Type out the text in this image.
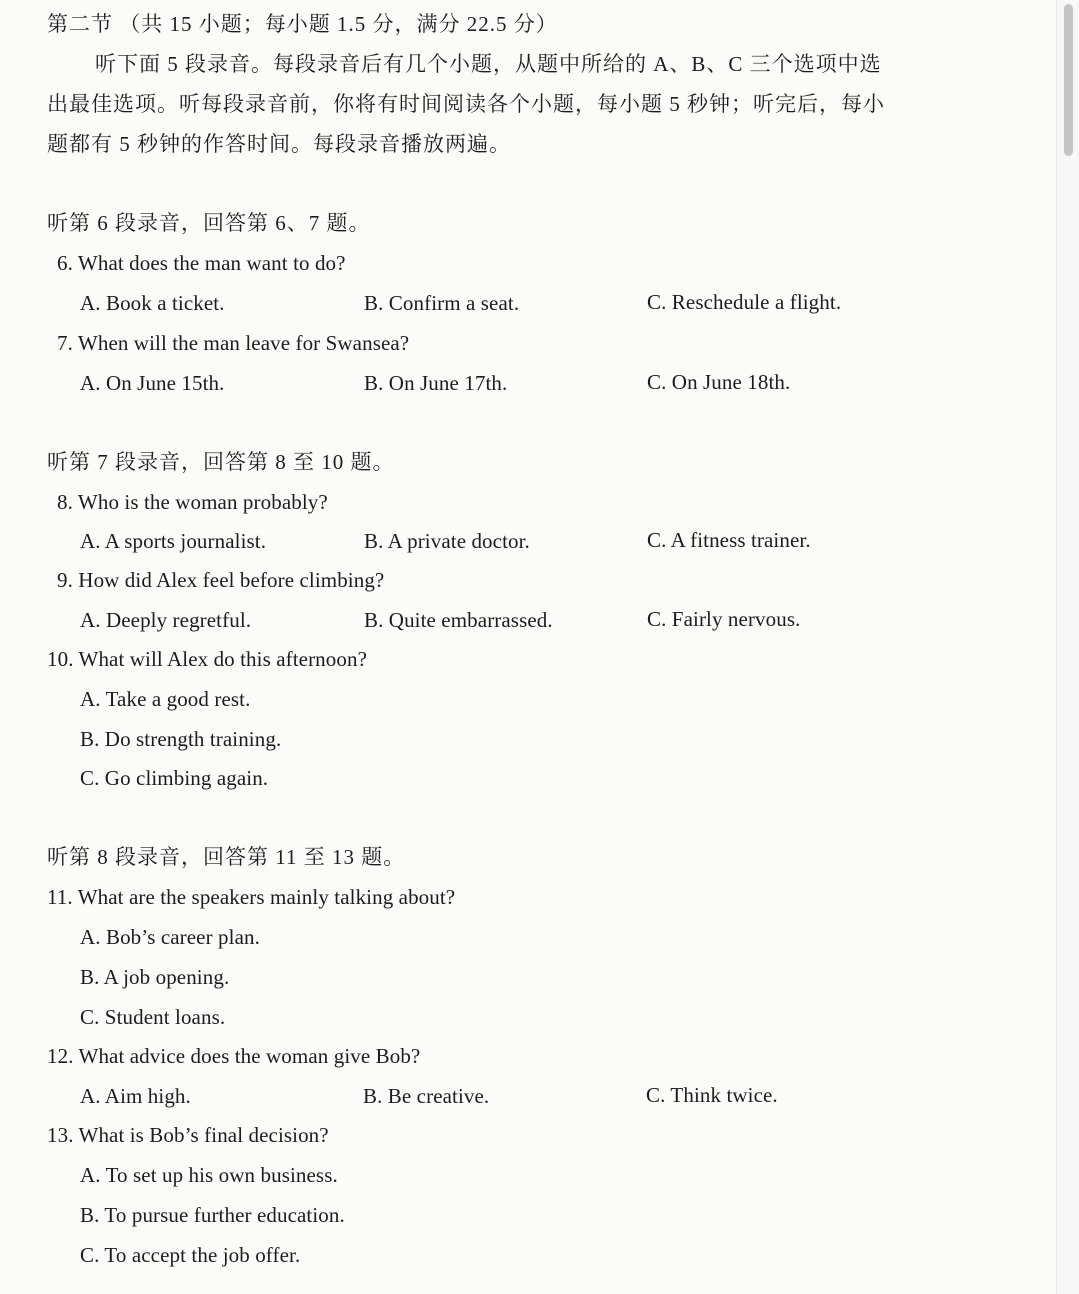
第二节 （共 15 小题；每小题 1.5 分，满分 22.5 分）
听下面 5 段录音。每段录音后有几个小题，从题中所给的 A、B、C 三个选项中选
出最佳选项。听每段录音前，你将有时间阅读各个小题，每小题 5 秒钟；听完后，每小
题都有 5 秒钟的作答时间。每段录音播放两遍。
听第 6 段录音，回答第 6、7 题。
6. What does the man want to do?
A. Book a ticket.	B. Confirm a seat.	C. Reschedule a flight.
7. When will the man leave for Swansea?
A. On June 15th.	B. On June 17th.	C. On June 18th.
听第 7 段录音，回答第 8 至 10 题。
8. Who is the woman probably?
A. A sports journalist.	B. A private doctor.	C. A fitness trainer.
9. How did Alex feel before climbing?
A. Deeply regretful.	B. Quite embarrassed.	C. Fairly nervous.
10. What will Alex do this afternoon?
A. Take a good rest.
B. Do strength training.
C. Go climbing again.
听第 8 段录音，回答第 11 至 13 题。
11. What are the speakers mainly talking about?
A. Bob’s career plan.
B. A job opening.
C. Student loans.
12. What advice does the woman give Bob?
A. Aim high.	B. Be creative.	C. Think twice.
13. What is Bob’s final decision?
A. To set up his own business.
B. To pursue further education.
C. To accept the job offer.
